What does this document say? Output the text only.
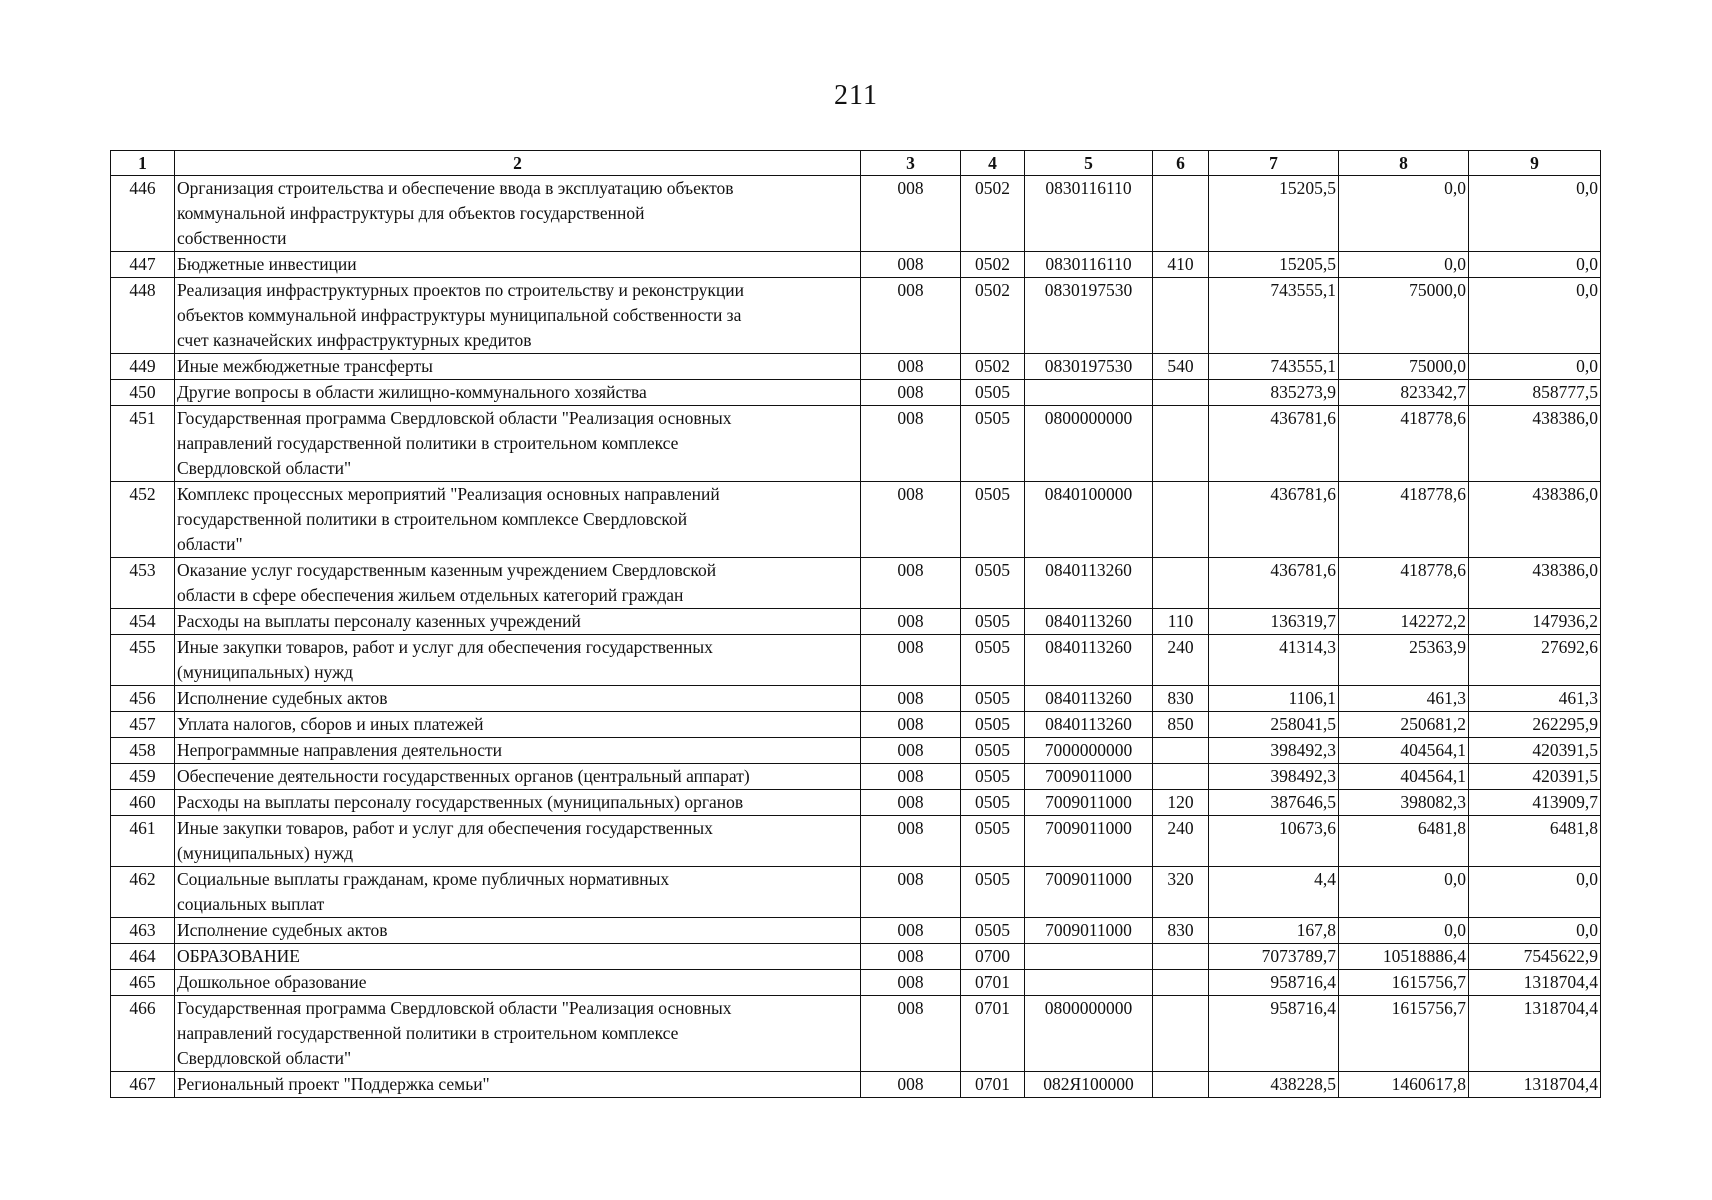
211
1	2	3	4	5	6	7	8	9
446	Организация строительства и обеспечение ввода в эксплуатацию объектов
коммунальной инфраструктуры для объектов государственной
собственности	008	0502	0830116110		15205,5	0,0	0,0
447	Бюджетные инвестиции	008	0502	0830116110	410	15205,5	0,0	0,0
448	Реализация инфраструктурных проектов по строительству и реконструкции
объектов коммунальной инфраструктуры муниципальной собственности за
счет казначейских инфраструктурных кредитов	008	0502	0830197530		743555,1	75000,0	0,0
449	Иные межбюджетные трансферты	008	0502	0830197530	540	743555,1	75000,0	0,0
450	Другие вопросы в области жилищно-коммунального хозяйства	008	0505			835273,9	823342,7	858777,5
451	Государственная программа Свердловской области "Реализация основных
направлений государственной политики в строительном комплексе
Свердловской области"	008	0505	0800000000		436781,6	418778,6	438386,0
452	Комплекс процессных мероприятий "Реализация основных направлений
государственной политики в строительном комплексе Свердловской
области"	008	0505	0840100000		436781,6	418778,6	438386,0
453	Оказание услуг государственным казенным учреждением Свердловской
области в сфере обеспечения жильем отдельных категорий граждан	008	0505	0840113260		436781,6	418778,6	438386,0
454	Расходы на выплаты персоналу казенных учреждений	008	0505	0840113260	110	136319,7	142272,2	147936,2
455	Иные закупки товаров, работ и услуг для обеспечения государственных
(муниципальных) нужд	008	0505	0840113260	240	41314,3	25363,9	27692,6
456	Исполнение судебных актов	008	0505	0840113260	830	1106,1	461,3	461,3
457	Уплата налогов, сборов и иных платежей	008	0505	0840113260	850	258041,5	250681,2	262295,9
458	Непрограммные направления деятельности	008	0505	7000000000		398492,3	404564,1	420391,5
459	Обеспечение деятельности государственных органов (центральный аппарат)	008	0505	7009011000		398492,3	404564,1	420391,5
460	Расходы на выплаты персоналу государственных (муниципальных) органов	008	0505	7009011000	120	387646,5	398082,3	413909,7
461	Иные закупки товаров, работ и услуг для обеспечения государственных
(муниципальных) нужд	008	0505	7009011000	240	10673,6	6481,8	6481,8
462	Социальные выплаты гражданам, кроме публичных нормативных
социальных выплат	008	0505	7009011000	320	4,4	0,0	0,0
463	Исполнение судебных актов	008	0505	7009011000	830	167,8	0,0	0,0
464	ОБРАЗОВАНИЕ	008	0700			7073789,7	10518886,4	7545622,9
465	Дошкольное образование	008	0701			958716,4	1615756,7	1318704,4
466	Государственная программа Свердловской области "Реализация основных
направлений государственной политики в строительном комплексе
Свердловской области"	008	0701	0800000000		958716,4	1615756,7	1318704,4
467	Региональный проект "Поддержка семьи"	008	0701	082Я100000		438228,5	1460617,8	1318704,4
